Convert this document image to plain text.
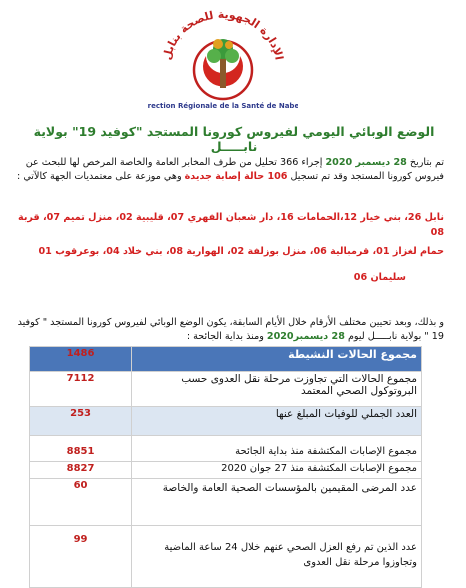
الإدارة الجهوية للصحة بنابل
rection Régionale de la Santé de Nabe
الوضع الوبائي اليومي لفيروس كورونا المستجد "كوفيد 19" بولاية نابـــــل
تم بتاريخ 28 ديسمبر 2020 إجراء 366 تحليل من طرف المخابر العامة والخاصة المرخص لها للبحث عن فيروس كورونا المستجد وقد تم تسجيل 106 حالة إصابة جديدة وهي موزعة على معتمديات الجهة كالآتي :
نابل 26، بني خيار 12،الحمامات 16، دار شعبان الفهري 07، قليبية 02، منزل تميم 07، قربة 08
حمام لغزاز 01، قرمبالية 06، منزل بوزلفة 02، الهوارية 08، بني خلاد 04، بوعرقوب 01
سليمان 06
و بذلك، وبعد تحيين مختلف الأرقام خلال الأيام السابقة، يكون الوضع الوبائي لفيروس كورونا المستجد " كوفيد 19 " بولاية نابـــــل ليوم 28 ديسمبر2020 ومنذ بداية الجائحة :
مجموع الحالات النشيطة	1486
مجموع الحالات التي تجاوزت مرحلة نقل العدوى حسب البروتوكول الصحي المعتمد	7112
العدد الجملي للوفيات المبلغ عنها	253
مجموع الإصابات المكتشفة منذ بداية الجائحة	8851
مجموع الإصابات المكتشفة منذ 27 جوان 2020	8827
عدد المرضى المقيمين بالمؤسسات الصحية العامة والخاصة	60
عدد الذين تم رفع العزل الصحي عنهم خلال 24 ساعة الماضية وتجاوزوا مرحلة نقل العدوى	99
